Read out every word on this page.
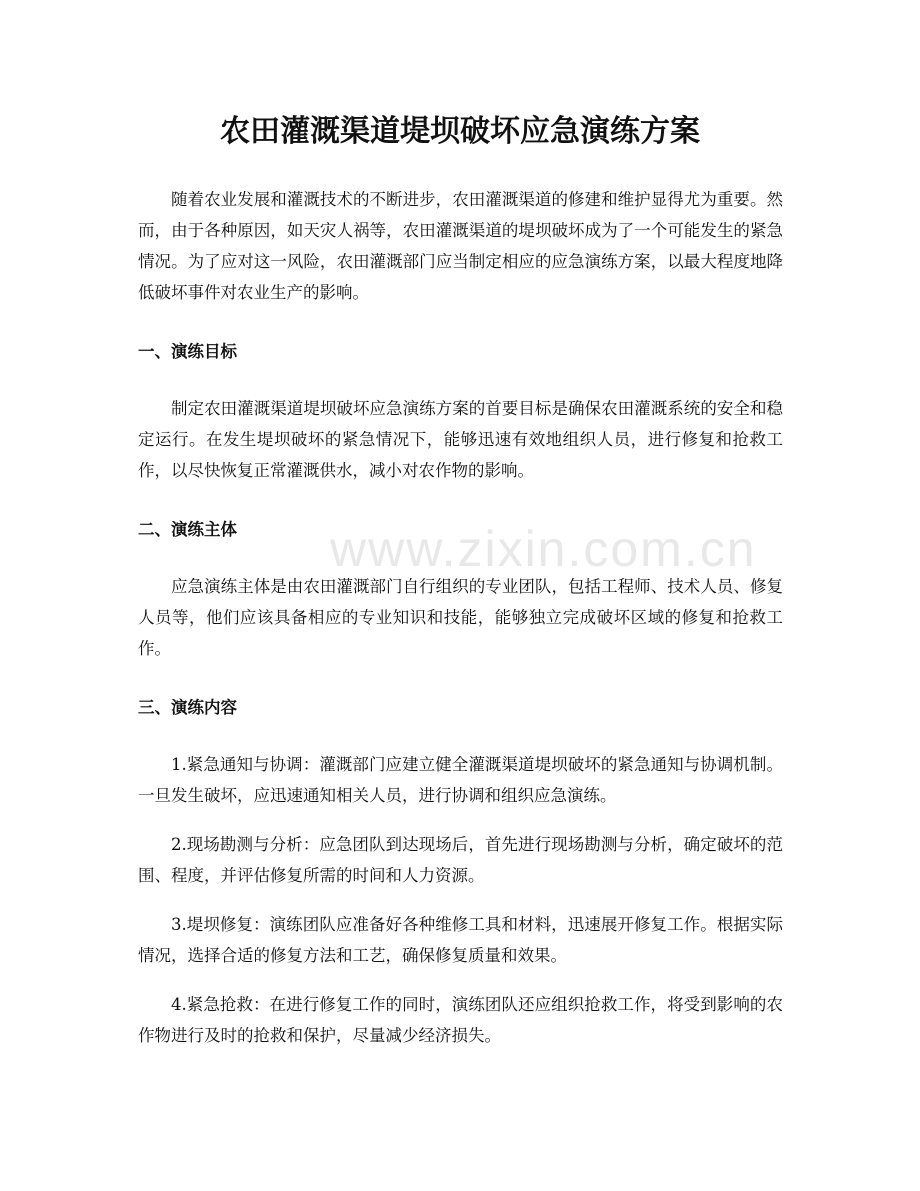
www.zixin.com.cn
农田灌溉渠道堤坝破坏应急演练方案

随着农业发展和灌溉技术的不断进步，农田灌溉渠道的修建和维护显得尤为重要。然而，由于各种原因，如天灾人祸等，农田灌溉渠道的堤坝破坏成为了一个可能发生的紧急情况。为了应对这一风险，农田灌溉部门应当制定相应的应急演练方案，以最大程度地降低破坏事件对农业生产的影响。

一、演练目标

制定农田灌溉渠道堤坝破坏应急演练方案的首要目标是确保农田灌溉系统的安全和稳定运行。在发生堤坝破坏的紧急情况下，能够迅速有效地组织人员，进行修复和抢救工作，以尽快恢复正常灌溉供水，减小对农作物的影响。

二、演练主体

应急演练主体是由农田灌溉部门自行组织的专业团队，包括工程师、技术人员、修复人员等，他们应该具备相应的专业知识和技能，能够独立完成破坏区域的修复和抢救工作。

三、演练内容

1.紧急通知与协调：灌溉部门应建立健全灌溉渠道堤坝破坏的紧急通知与协调机制。一旦发生破坏，应迅速通知相关人员，进行协调和组织应急演练。

2.现场勘测与分析：应急团队到达现场后，首先进行现场勘测与分析，确定破坏的范围、程度，并评估修复所需的时间和人力资源。

3.堤坝修复：演练团队应准备好各种维修工具和材料，迅速展开修复工作。根据实际情况，选择合适的修复方法和工艺，确保修复质量和效果。

4.紧急抢救：在进行修复工作的同时，演练团队还应组织抢救工作，将受到影响的农作物进行及时的抢救和保护，尽量减少经济损失。
